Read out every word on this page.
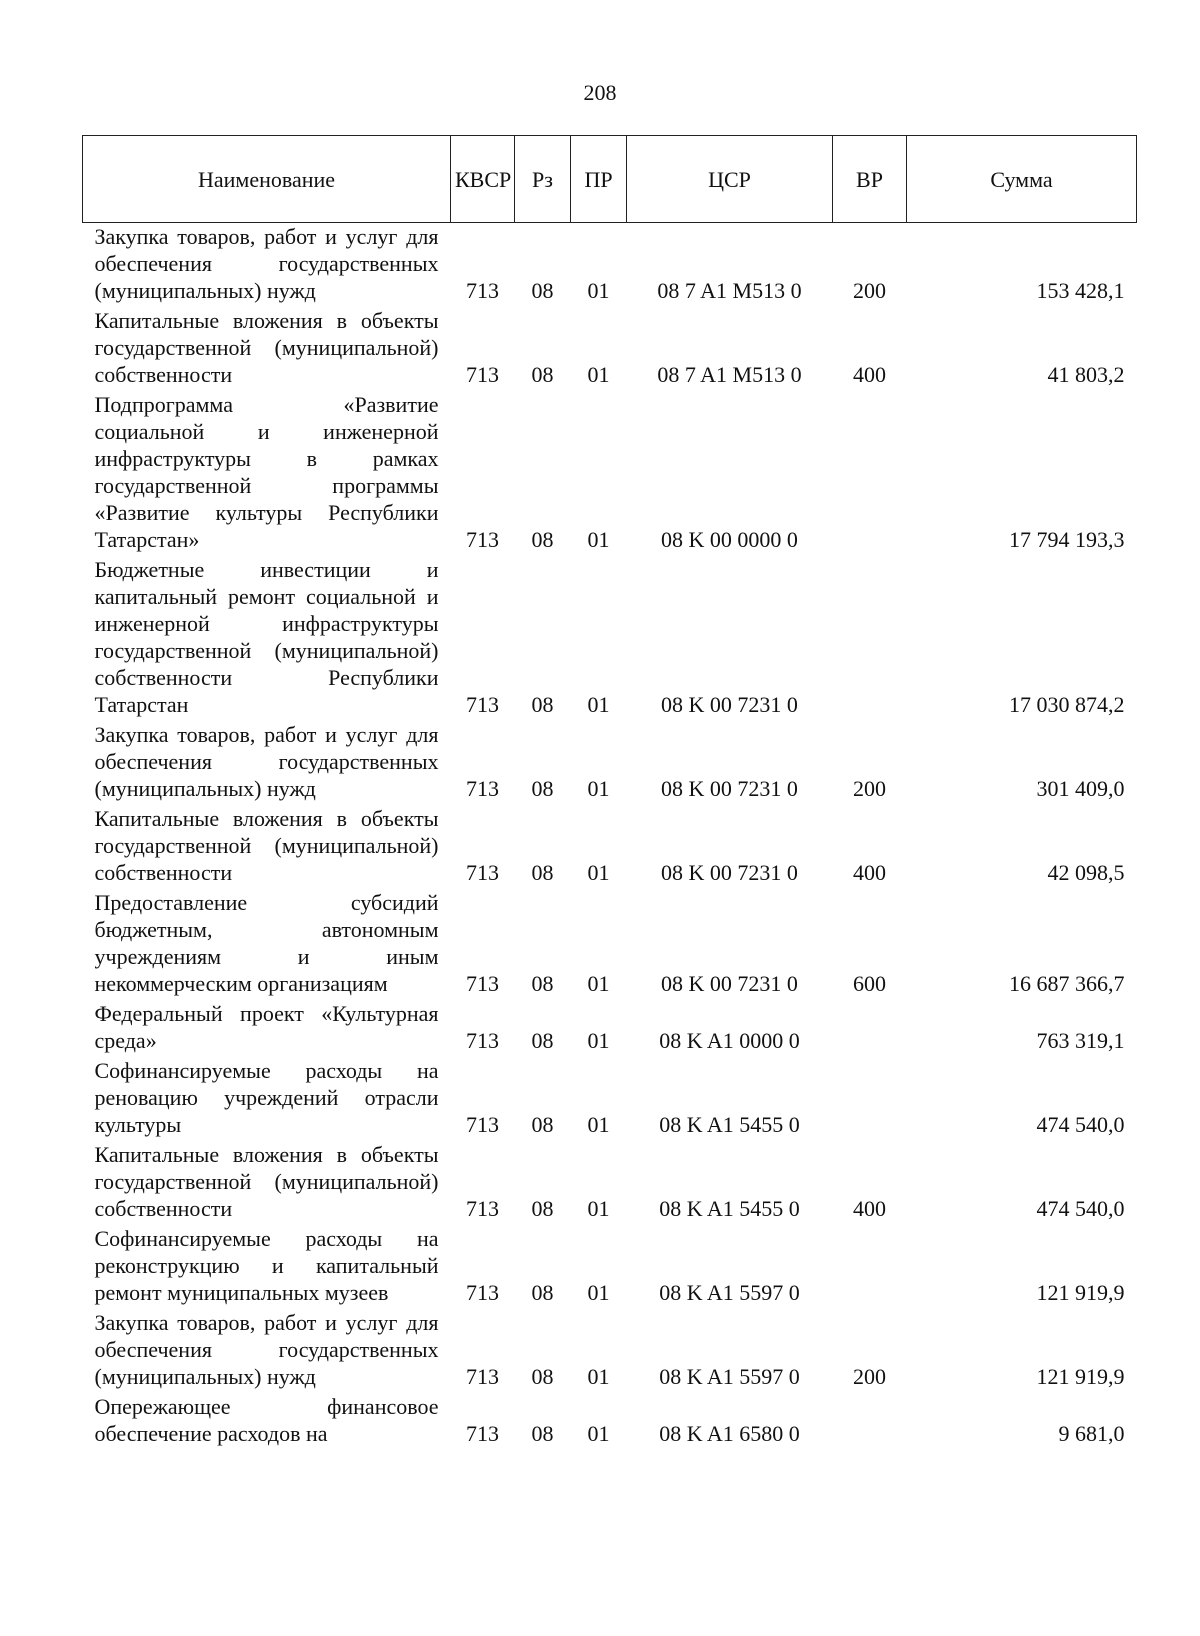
208
Наименование	КВСР	Рз	ПР	ЦСР	ВР	Сумма
Закупка товаров, работ и услуг для обеспечения государственных (муниципальных) нужд	713	08	01	08 7 A1 M513 0	200	153 428,1
Капитальные вложения в объекты государственной (муниципальной) собственности	713	08	01	08 7 A1 M513 0	400	41 803,2
Подпрограмма «Развитие социальной и инженерной инфраструктуры в рамках государственной программы «Развитие культуры Республики Татарстан»	713	08	01	08 K 00 0000 0		17 794 193,3
Бюджетные инвестиции и капитальный ремонт социальной и инженерной инфраструктуры государственной (муниципальной) собственности Республики Татарстан	713	08	01	08 K 00 7231 0		17 030 874,2
Закупка товаров, работ и услуг для обеспечения государственных (муниципальных) нужд	713	08	01	08 K 00 7231 0	200	301 409,0
Капитальные вложения в объекты государственной (муниципальной) собственности	713	08	01	08 K 00 7231 0	400	42 098,5
Предоставление субсидий бюджетным, автономным учреждениям и иным некоммерческим организациям	713	08	01	08 K 00 7231 0	600	16 687 366,7
Федеральный проект «Культурная среда»	713	08	01	08 K A1 0000 0		763 319,1
Софинансируемые расходы на реновацию учреждений отрасли культуры	713	08	01	08 K A1 5455 0		474 540,0
Капитальные вложения в объекты государственной (муниципальной) собственности	713	08	01	08 K A1 5455 0	400	474 540,0
Софинансируемые расходы на реконструкцию и капитальный ремонт муниципальных музеев	713	08	01	08 K A1 5597 0		121 919,9
Закупка товаров, работ и услуг для обеспечения государственных (муниципальных) нужд	713	08	01	08 K A1 5597 0	200	121 919,9
Опережающее финансовое обеспечение расходов на	713	08	01	08 K A1 6580 0		9 681,0
